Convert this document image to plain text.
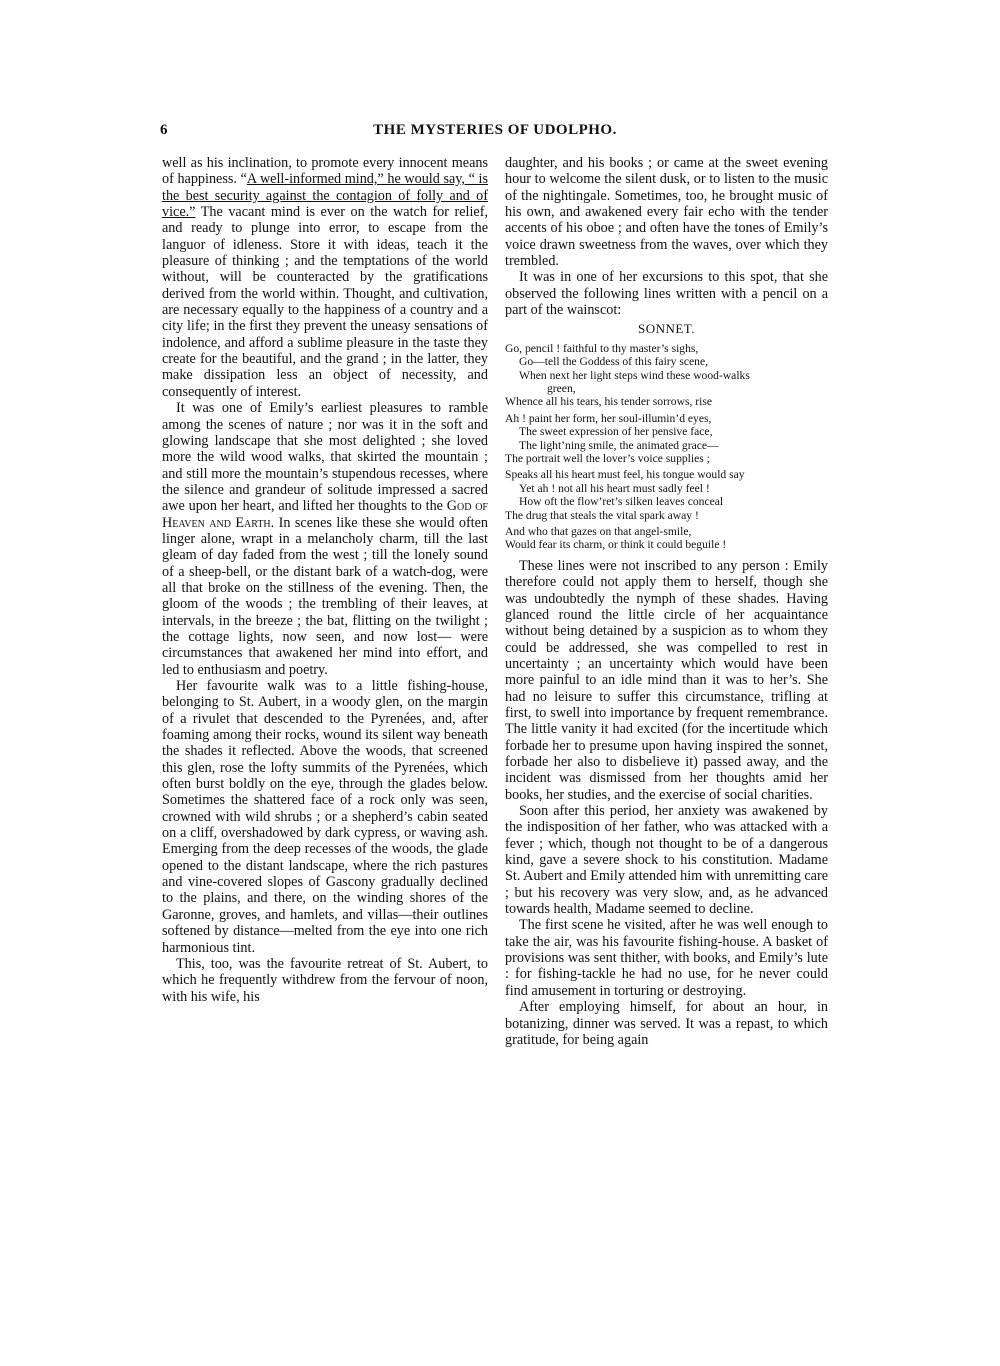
6	THE MYSTERIES OF UDOLPHO.

well as his inclination, to promote every innocent means of happiness. “A well-informed mind,” he would say, “ is the best security against the contagion of folly and of vice.” The vacant mind is ever on the watch for relief, and ready to plunge into error, to escape from the languor of idleness. Store it with ideas, teach it the pleasure of thinking ; and the temptations of the world without, will be counteracted by the gratifications derived from the world within. Thought, and cultivation, are necessary equally to the happiness of a country and a city life; in the first they prevent the uneasy sensations of indolence, and afford a sublime pleasure in the taste they create for the beautiful, and the grand ; in the latter, they make dissipation less an object of necessity, and consequently of interest.

It was one of Emily’s earliest pleasures to ramble among the scenes of nature ; nor was it in the soft and glowing landscape that she most delighted ; she loved more the wild wood walks, that skirted the mountain ; and still more the mountain’s stupendous recesses, where the silence and grandeur of solitude impressed a sacred awe upon her heart, and lifted her thoughts to the God of Heaven and Earth. In scenes like these she would often linger alone, wrapt in a melancholy charm, till the last gleam of day faded from the west ; till the lonely sound of a sheep-bell, or the distant bark of a watch-dog, were all that broke on the stillness of the evening. Then, the gloom of the woods ; the trembling of their leaves, at intervals, in the breeze ; the bat, flitting on the twilight ; the cottage lights, now seen, and now lost— were circumstances that awakened her mind into effort, and led to enthusiasm and poetry.

Her favourite walk was to a little fishing-house, belonging to St. Aubert, in a woody glen, on the margin of a rivulet that descended to the Pyrenées, and, after foaming among their rocks, wound its silent way beneath the shades it reflected. Above the woods, that screened this glen, rose the lofty summits of the Pyrenées, which often burst boldly on the eye, through the glades below. Sometimes the shattered face of a rock only was seen, crowned with wild shrubs ; or a shepherd’s cabin seated on a cliff, overshadowed by dark cypress, or waving ash. Emerging from the deep recesses of the woods, the glade opened to the distant landscape, where the rich pastures and vine-covered slopes of Gascony gradually declined to the plains, and there, on the winding shores of the Garonne, groves, and hamlets, and villas—their outlines softened by distance—melted from the eye into one rich harmonious tint.

This, too, was the favourite retreat of St. Aubert, to which he frequently withdrew from the fervour of noon, with his wife, his

daughter, and his books ; or came at the sweet evening hour to welcome the silent dusk, or to listen to the music of the nightingale. Sometimes, too, he brought music of his own, and awakened every fair echo with the tender accents of his oboe ; and often have the tones of Emily’s voice drawn sweetness from the waves, over which they trembled.

It was in one of her excursions to this spot, that she observed the following lines written with a pencil on a part of the wainscot:

SONNET.
Go, pencil ! faithful to thy master’s sighs,
Go—tell the Goddess of this fairy scene,
When next her light steps wind these wood-walks
green,
Whence all his tears, his tender sorrows, rise
Ah ! paint her form, her soul-illumin’d eyes,
The sweet expression of her pensive face,
The light’ning smile, the animated grace—
The portrait well the lover’s voice supplies ;
Speaks all his heart must feel, his tongue would say
Yet ah ! not all his heart must sadly feel !
How oft the flow’ret’s silken leaves conceal
The drug that steals the vital spark away !
And who that gazes on that angel-smile,
Would fear its charm, or think it could beguile !

These lines were not inscribed to any person : Emily therefore could not apply them to herself, though she was undoubtedly the nymph of these shades. Having glanced round the little circle of her acquaintance without being detained by a suspicion as to whom they could be addressed, she was compelled to rest in uncertainty ; an uncertainty which would have been more painful to an idle mind than it was to her’s. She had no leisure to suffer this circumstance, trifling at first, to swell into importance by frequent remembrance. The little vanity it had excited (for the incertitude which forbade her to presume upon having inspired the sonnet, forbade her also to disbelieve it) passed away, and the incident was dismissed from her thoughts amid her books, her studies, and the exercise of social charities.

Soon after this period, her anxiety was awakened by the indisposition of her father, who was attacked with a fever ; which, though not thought to be of a dangerous kind, gave a severe shock to his constitution. Madame St. Aubert and Emily attended him with unremitting care ; but his recovery was very slow, and, as he advanced towards health, Madame seemed to decline.

The first scene he visited, after he was well enough to take the air, was his favourite fishing-house. A basket of provisions was sent thither, with books, and Emily’s lute : for fishing-tackle he had no use, for he never could find amusement in torturing or destroying.

After employing himself, for about an hour, in botanizing, dinner was served. It was a repast, to which gratitude, for being again
